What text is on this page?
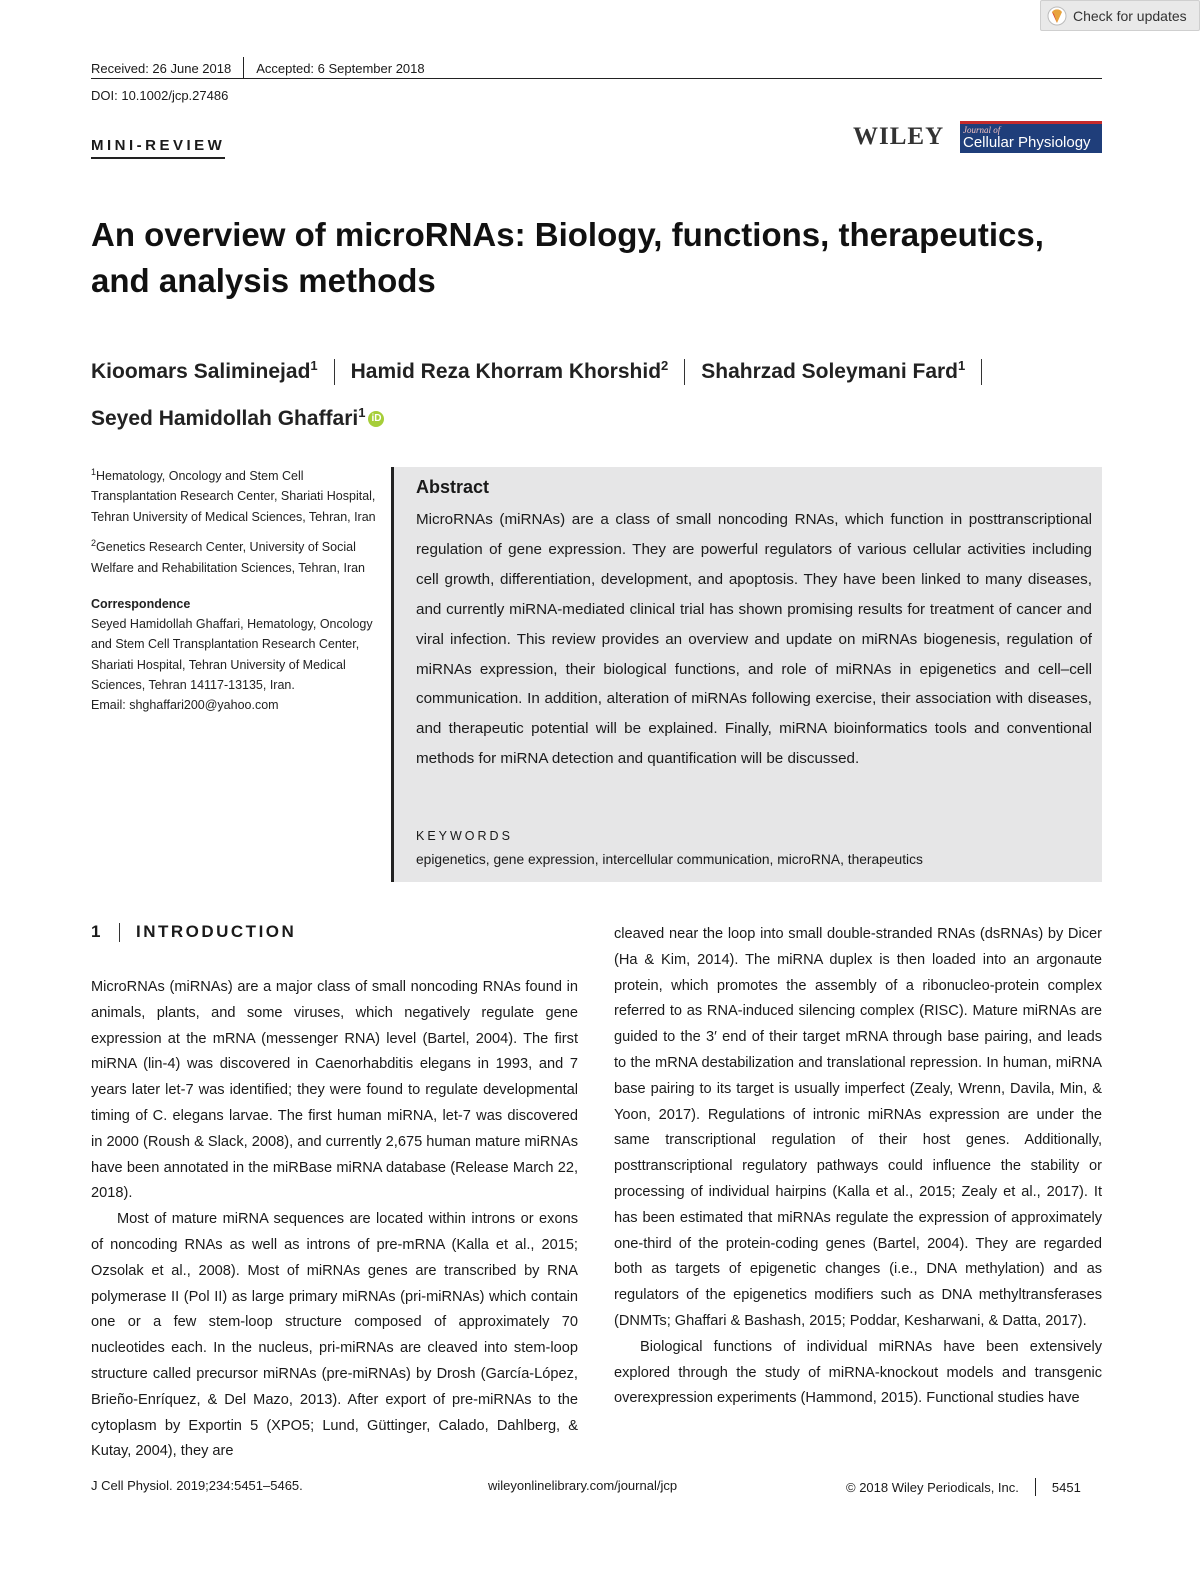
Check for updates
Received: 26 June 2018 Accepted: 6 September 2018
DOI: 10.1002/jcp.27486
MINI-REVIEW	WILEY Journal of
Cellular Physiology
An overview of microRNAs: Biology, functions, therapeutics,
and analysis methods
Kioomars Saliminejad$^1$ Hamid Reza Khorram Khorshid$^2$ Shahrzad Soleymani Fard$^1$
Seyed Hamidollah Ghaffari$^1$ iD

$^1$Hematology, Oncology and Stem Cell Transplantation Research Center, Shariati Hospital, Tehran University of Medical Sciences, Tehran, Iran

$^2$Genetics Research Center, University of Social Welfare and Rehabilitation Sciences, Tehran, Iran

Correspondence

Seyed Hamidollah Ghaffari, Hematology, Oncology and Stem Cell Transplantation Research Center, Shariati Hospital, Tehran University of Medical Sciences, Tehran 14117-13135, Iran.

Email: shghaffari200@yahoo.com

Abstract
MicroRNAs (miRNAs) are a class of small noncoding RNAs, which function in posttranscriptional regulation of gene expression. They are powerful regulators of various cellular activities including cell growth, differentiation, development, and apoptosis. They have been linked to many diseases, and currently miRNA-mediated clinical trial has shown promising results for treatment of cancer and viral infection. This review provides an overview and update on miRNAs biogenesis, regulation of miRNAs expression, their biological functions, and role of miRNAs in epigenetics and cell–cell communication. In addition, alteration of miRNAs following exercise, their association with diseases, and therapeutic potential will be explained. Finally, miRNA bioinformatics tools and conventional methods for miRNA detection and quantification will be discussed.
KEYWORDS
epigenetics, gene expression, intercellular communication, microRNA, therapeutics
1 INTRODUCTION

MicroRNAs (miRNAs) are a major class of small noncoding RNAs found in animals, plants, and some viruses, which negatively regulate gene expression at the mRNA (messenger RNA) level (Bartel, 2004). The first miRNA (lin-4) was discovered in Caenorhabditis elegans in 1993, and 7 years later let-7 was identified; they were found to regulate developmental timing of C. elegans larvae. The first human miRNA, let-7 was discovered in 2000 (Roush & Slack, 2008), and currently 2,675 human mature miRNAs have been annotated in the miRBase miRNA database (Release March 22, 2018).

Most of mature miRNA sequences are located within introns or exons of noncoding RNAs as well as introns of pre-mRNA (Kalla et al., 2015; Ozsolak et al., 2008). Most of miRNAs genes are transcribed by RNA polymerase II (Pol II) as large primary miRNAs (pri-miRNAs) which contain one or a few stem-loop structure composed of approximately 70 nucleotides each. In the nucleus, pri-miRNAs are cleaved into stem-loop structure called precursor miRNAs (pre-miRNAs) by Drosh (García-López, Brieño-Enríquez, & Del Mazo, 2013). After export of pre-miRNAs to the cytoplasm by Exportin 5 (XPO5; Lund, Güttinger, Calado, Dahlberg, & Kutay, 2004), they are

cleaved near the loop into small double-stranded RNAs (dsRNAs) by Dicer (Ha & Kim, 2014). The miRNA duplex is then loaded into an argonaute protein, which promotes the assembly of a ribonucleo-protein complex referred to as RNA-induced silencing complex (RISC). Mature miRNAs are guided to the 3′ end of their target mRNA through base pairing, and leads to the mRNA destabilization and translational repression. In human, miRNA base pairing to its target is usually imperfect (Zealy, Wrenn, Davila, Min, & Yoon, 2017). Regulations of intronic miRNAs expression are under the same transcriptional regulation of their host genes. Additionally, posttranscriptional regulatory pathways could influence the stability or processing of individual hairpins (Kalla et al., 2015; Zealy et al., 2017). It has been estimated that miRNAs regulate the expression of approximately one-third of the protein-coding genes (Bartel, 2004). They are regarded both as targets of epigenetic changes (i.e., DNA methylation) and as regulators of the epigenetics modifiers such as DNA methyltransferases (DNMTs; Ghaffari & Bashash, 2015; Poddar, Kesharwani, & Datta, 2017).

Biological functions of individual miRNAs have been extensively explored through the study of miRNA-knockout models and transgenic overexpression experiments (Hammond, 2015). Functional studies have

J Cell Physiol. 2019;234:5451–5465.	wileyonlinelibrary.com/journal/jcp	© 2018 Wiley Periodicals, Inc.	5451
